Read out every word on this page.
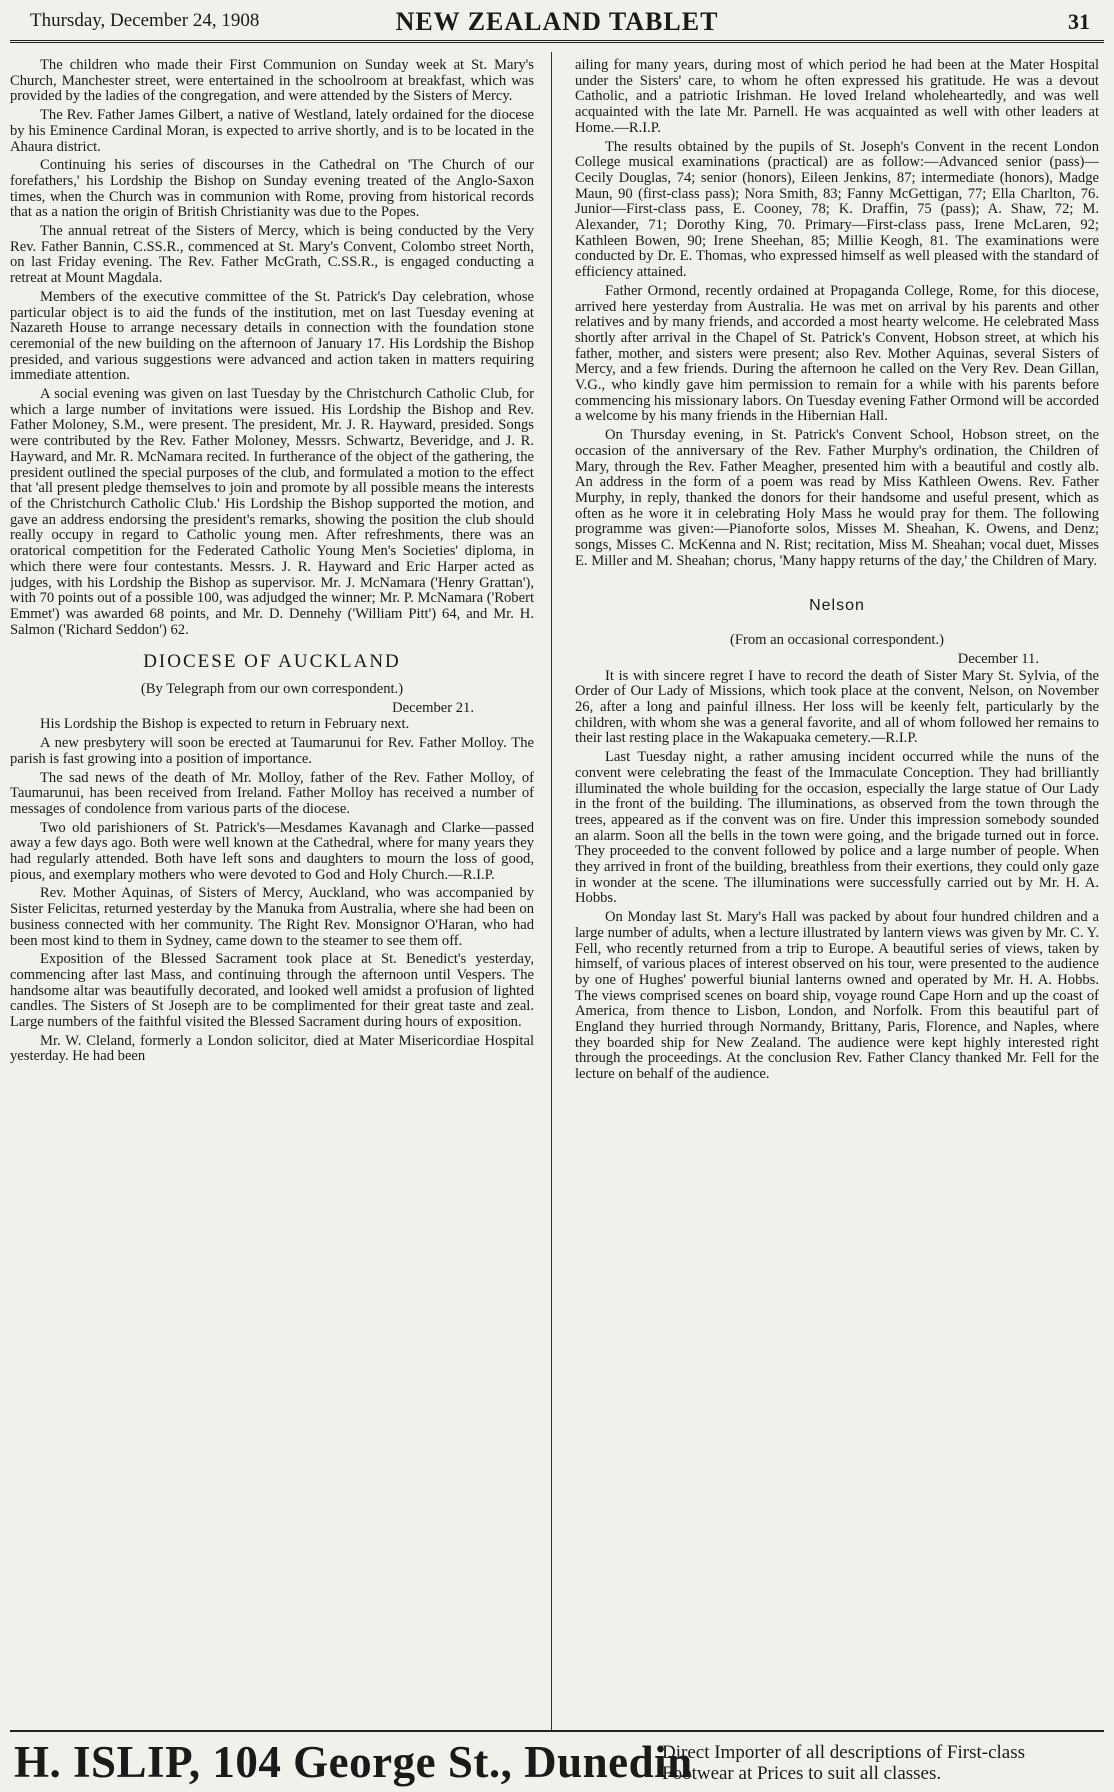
Thursday, December 24, 1908	NEW ZEALAND TABLET	31

The children who made their First Communion on Sunday week at St. Mary's Church, Manchester street, were entertained in the schoolroom at breakfast, which was provided by the ladies of the congregation, and were attended by the Sisters of Mercy.

The Rev. Father James Gilbert, a native of Westland, lately ordained for the diocese by his Eminence Cardinal Moran, is expected to arrive shortly, and is to be located in the Ahaura district.

Continuing his series of discourses in the Cathedral on 'The Church of our forefathers,' his Lordship the Bishop on Sunday evening treated of the Anglo-Saxon times, when the Church was in communion with Rome, proving from historical records that as a nation the origin of British Christianity was due to the Popes.

The annual retreat of the Sisters of Mercy, which is being conducted by the Very Rev. Father Bannin, C.SS.R., commenced at St. Mary's Convent, Colombo street North, on last Friday evening. The Rev. Father McGrath, C.SS.R., is engaged conducting a retreat at Mount Magdala.

Members of the executive committee of the St. Patrick's Day celebration, whose particular object is to aid the funds of the institution, met on last Tuesday evening at Nazareth House to arrange necessary details in connection with the foundation stone ceremonial of the new building on the afternoon of January 17. His Lordship the Bishop presided, and various suggestions were advanced and action taken in matters requiring immediate attention.

A social evening was given on last Tuesday by the Christchurch Catholic Club, for which a large number of invitations were issued. His Lordship the Bishop and Rev. Father Moloney, S.M., were present. The president, Mr. J. R. Hayward, presided. Songs were contributed by the Rev. Father Moloney, Messrs. Schwartz, Beveridge, and J. R. Hayward, and Mr. R. McNamara recited. In furtherance of the object of the gathering, the president outlined the special purposes of the club, and formulated a motion to the effect that 'all present pledge themselves to join and promote by all possible means the interests of the Christchurch Catholic Club.' His Lordship the Bishop supported the motion, and gave an address endorsing the president's remarks, showing the position the club should really occupy in regard to Catholic young men. After refreshments, there was an oratorical competition for the Federated Catholic Young Men's Societies' diploma, in which there were four contestants. Messrs. J. R. Hayward and Eric Harper acted as judges, with his Lordship the Bishop as supervisor. Mr. J. McNamara ('Henry Grattan'), with 70 points out of a possible 100, was adjudged the winner; Mr. P. McNamara ('Robert Emmet') was awarded 68 points, and Mr. D. Dennehy ('William Pitt') 64, and Mr. H. Salmon ('Richard Seddon') 62.

DIOCESE OF AUCKLAND

(By Telegraph from our own correspondent.)

December 21.

His Lordship the Bishop is expected to return in February next.

A new presbytery will soon be erected at Taumarunui for Rev. Father Molloy. The parish is fast growing into a position of importance.

The sad news of the death of Mr. Molloy, father of the Rev. Father Molloy, of Taumarunui, has been received from Ireland. Father Molloy has received a number of messages of condolence from various parts of the diocese.

Two old parishioners of St. Patrick's—Mesdames Kavanagh and Clarke—passed away a few days ago. Both were well known at the Cathedral, where for many years they had regularly attended. Both have left sons and daughters to mourn the loss of good, pious, and exemplary mothers who were devoted to God and Holy Church.—R.I.P.

Rev. Mother Aquinas, of Sisters of Mercy, Auckland, who was accompanied by Sister Felicitas, returned yesterday by the Manuka from Australia, where she had been on business connected with her community. The Right Rev. Monsignor O'Haran, who had been most kind to them in Sydney, came down to the steamer to see them off.

Exposition of the Blessed Sacrament took place at St. Benedict's yesterday, commencing after last Mass, and continuing through the afternoon until Vespers. The handsome altar was beautifully decorated, and looked well amidst a profusion of lighted candles. The Sisters of St Joseph are to be complimented for their great taste and zeal. Large numbers of the faithful visited the Blessed Sacrament during hours of exposition.

Mr. W. Cleland, formerly a London solicitor, died at Mater Misericordiae Hospital yesterday. He had been

ailing for many years, during most of which period he had been at the Mater Hospital under the Sisters' care, to whom he often expressed his gratitude. He was a devout Catholic, and a patriotic Irishman. He loved Ireland wholeheartedly, and was well acquainted with the late Mr. Parnell. He was acquainted as well with other leaders at Home.—R.I.P.

The results obtained by the pupils of St. Joseph's Convent in the recent London College musical examinations (practical) are as follow:—Advanced senior (pass)—Cecily Douglas, 74; senior (honors), Eileen Jenkins, 87; intermediate (honors), Madge Maun, 90 (first-class pass); Nora Smith, 83; Fanny McGettigan, 77; Ella Charlton, 76. Junior—First-class pass, E. Cooney, 78; K. Draffin, 75 (pass); A. Shaw, 72; M. Alexander, 71; Dorothy King, 70. Primary—First-class pass, Irene McLaren, 92; Kathleen Bowen, 90; Irene Sheehan, 85; Millie Keogh, 81. The examinations were conducted by Dr. E. Thomas, who expressed himself as well pleased with the standard of efficiency attained.

Father Ormond, recently ordained at Propaganda College, Rome, for this diocese, arrived here yesterday from Australia. He was met on arrival by his parents and other relatives and by many friends, and accorded a most hearty welcome. He celebrated Mass shortly after arrival in the Chapel of St. Patrick's Convent, Hobson street, at which his father, mother, and sisters were present; also Rev. Mother Aquinas, several Sisters of Mercy, and a few friends. During the afternoon he called on the Very Rev. Dean Gillan, V.G., who kindly gave him permission to remain for a while with his parents before commencing his missionary labors. On Tuesday evening Father Ormond will be accorded a welcome by his many friends in the Hibernian Hall.

On Thursday evening, in St. Patrick's Convent School, Hobson street, on the occasion of the anniversary of the Rev. Father Murphy's ordination, the Children of Mary, through the Rev. Father Meagher, presented him with a beautiful and costly alb. An address in the form of a poem was read by Miss Kathleen Owens. Rev. Father Murphy, in reply, thanked the donors for their handsome and useful present, which as often as he wore it in celebrating Holy Mass he would pray for them. The following programme was given:—Pianoforte solos, Misses M. Sheahan, K. Owens, and Denz; songs, Misses C. McKenna and N. Rist; recitation, Miss M. Sheahan; vocal duet, Misses E. Miller and M. Sheahan; chorus, 'Many happy returns of the day,' the Children of Mary.

Nelson

(From an occasional correspondent.)

December 11.

It is with sincere regret I have to record the death of Sister Mary St. Sylvia, of the Order of Our Lady of Missions, which took place at the convent, Nelson, on November 26, after a long and painful illness. Her loss will be keenly felt, particularly by the children, with whom she was a general favorite, and all of whom followed her remains to their last resting place in the Wakapuaka cemetery.—R.I.P.

Last Tuesday night, a rather amusing incident occurred while the nuns of the convent were celebrating the feast of the Immaculate Conception. They had brilliantly illuminated the whole building for the occasion, especially the large statue of Our Lady in the front of the building. The illuminations, as observed from the town through the trees, appeared as if the convent was on fire. Under this impression somebody sounded an alarm. Soon all the bells in the town were going, and the brigade turned out in force. They proceeded to the convent followed by police and a large number of people. When they arrived in front of the building, breathless from their exertions, they could only gaze in wonder at the scene. The illuminations were successfully carried out by Mr. H. A. Hobbs.

On Monday last St. Mary's Hall was packed by about four hundred children and a large number of adults, when a lecture illustrated by lantern views was given by Mr. C. Y. Fell, who recently returned from a trip to Europe. A beautiful series of views, taken by himself, of various places of interest observed on his tour, were presented to the audience by one of Hughes' powerful biunial lanterns owned and operated by Mr. H. A. Hobbs. The views comprised scenes on board ship, voyage round Cape Horn and up the coast of America, from thence to Lisbon, London, and Norfolk. From this beautiful part of England they hurried through Normandy, Brittany, Paris, Florence, and Naples, where they boarded ship for New Zealand. The audience were kept highly interested right through the proceedings. At the conclusion Rev. Father Clancy thanked Mr. Fell for the lecture on behalf of the audience.

H. ISLIP, 104 George St., Dunedin
Direct Importer of all descriptions of First-class
Footwear at Prices to suit all classes.
